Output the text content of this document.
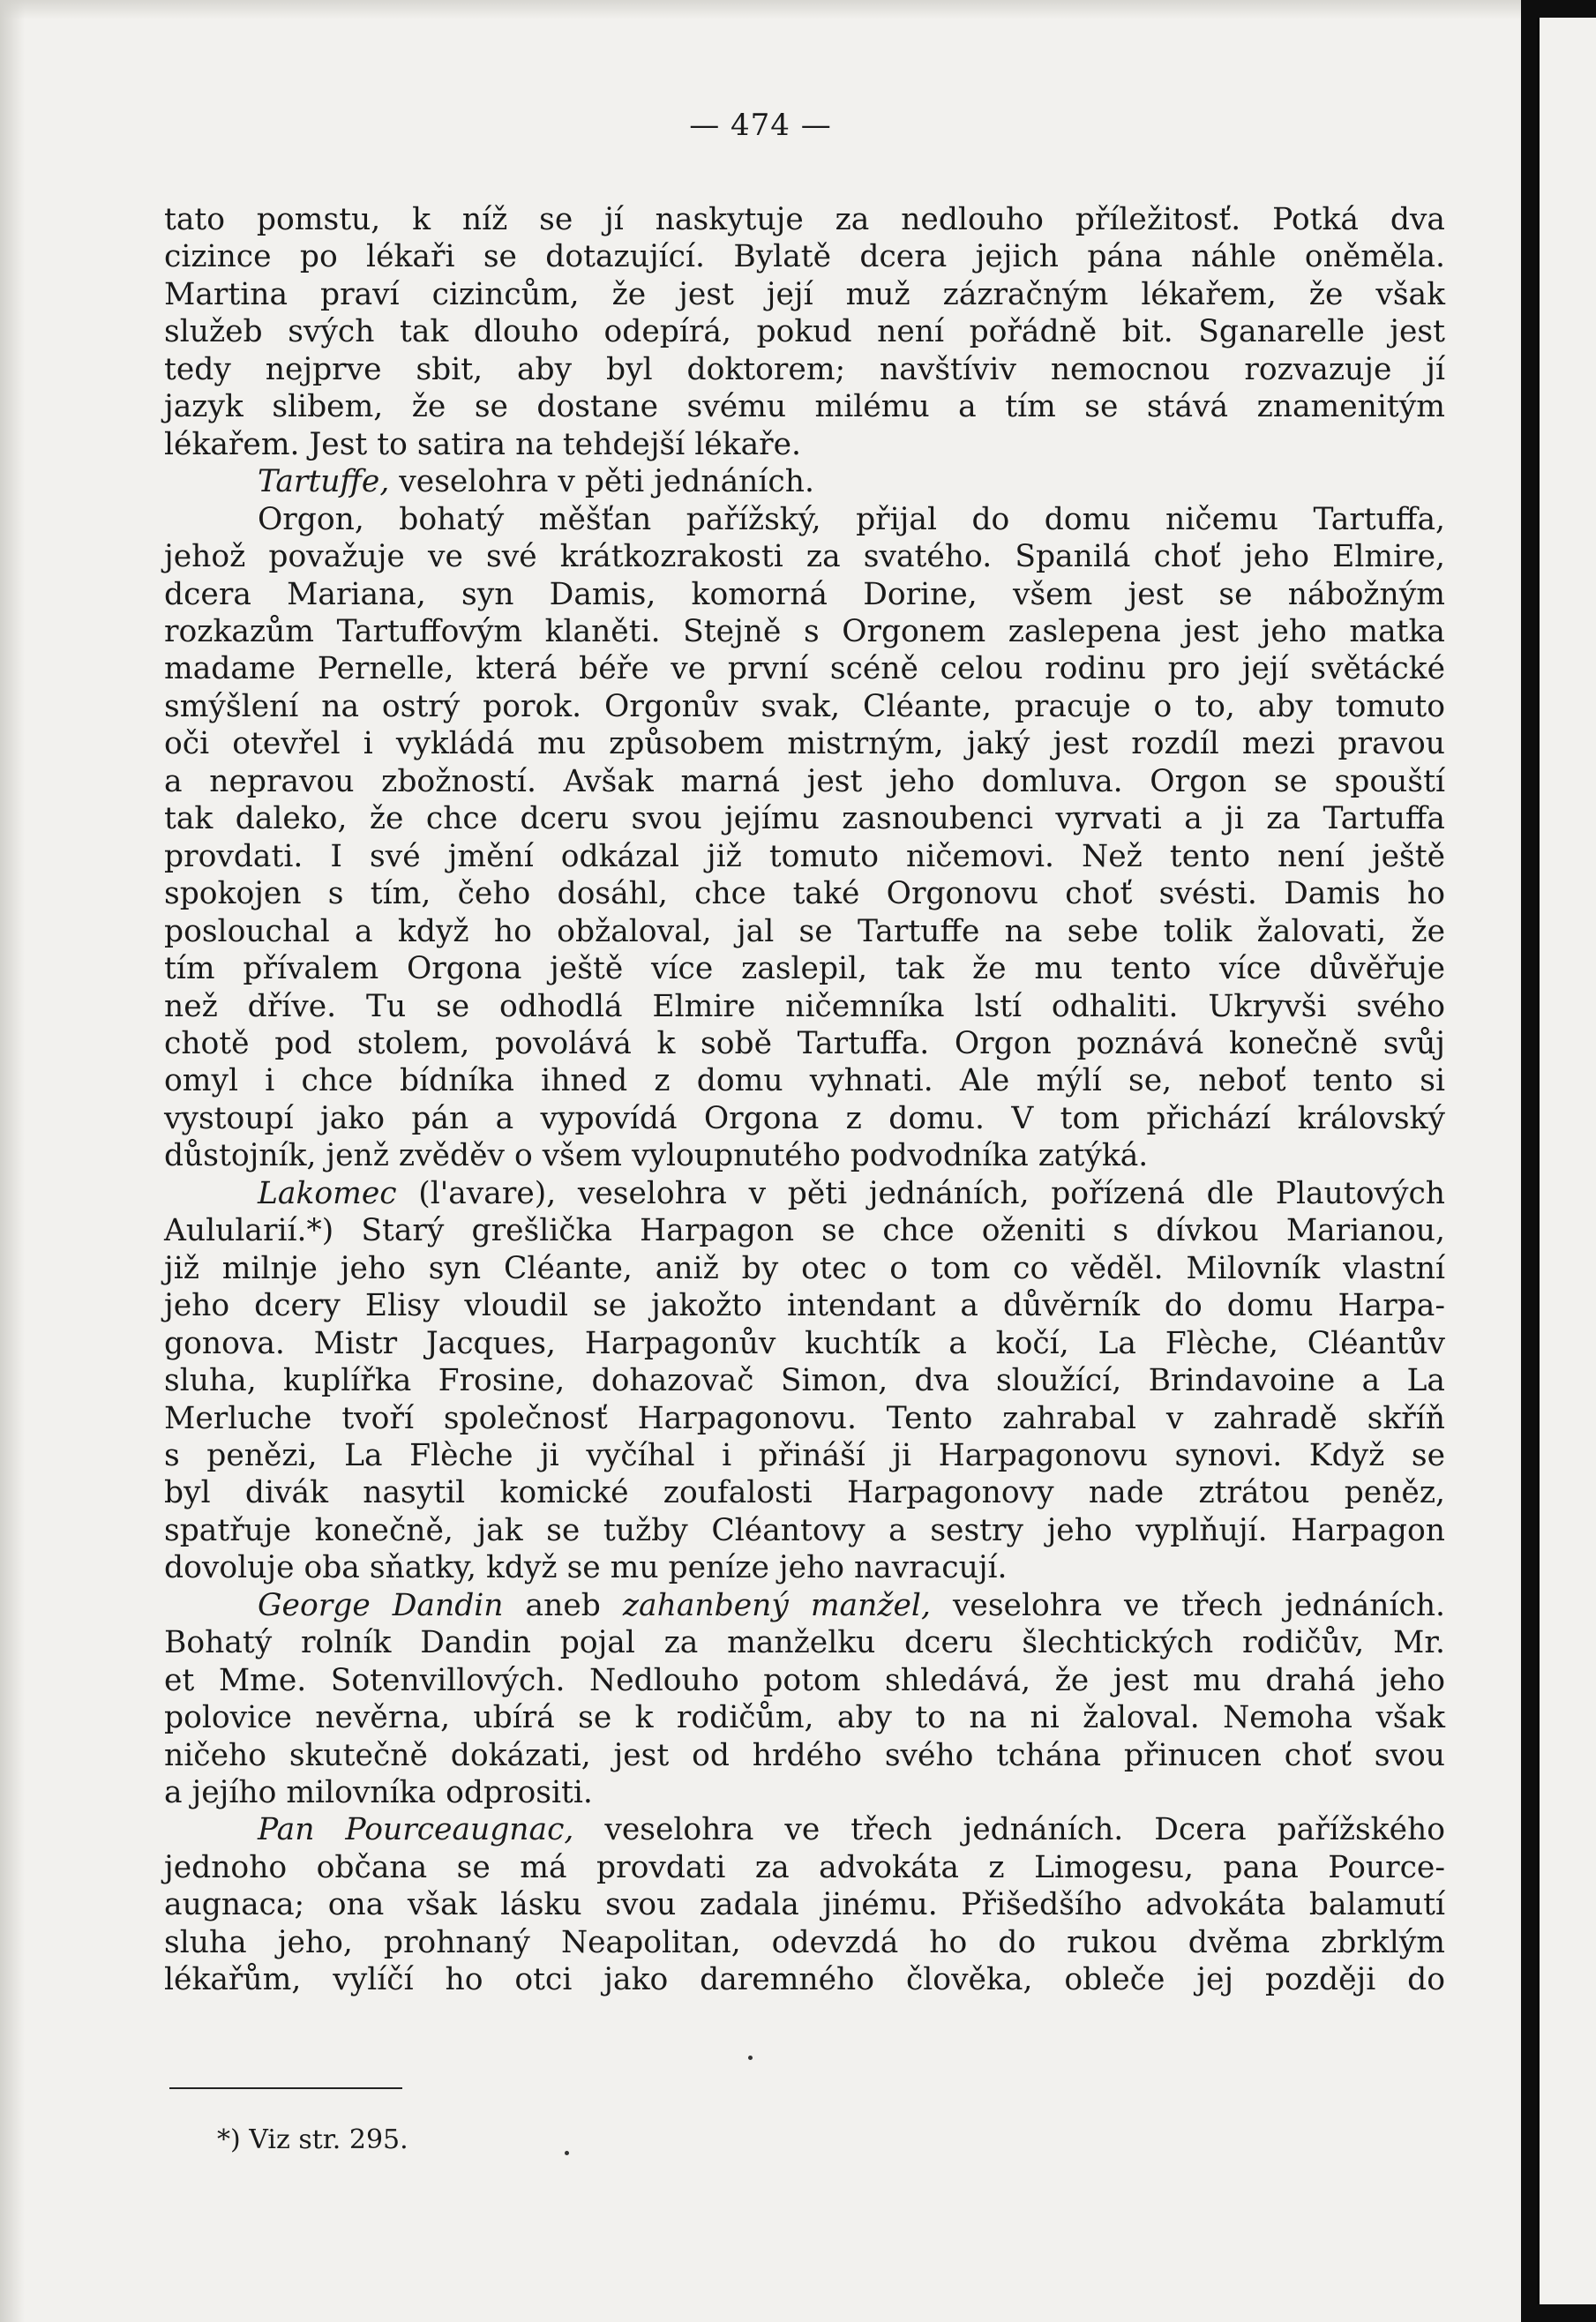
— 474 —

tato pomstu, k níž se jí naskytuje za nedlouho příležitosť. Potká dva

cizince po lékaři se dotazující. Bylatě dcera jejich pána náhle oněměla.

Martina praví cizincům, že jest její muž zázračným lékařem, že však

služeb svých tak dlouho odepírá, pokud není pořádně bit. Sganarelle jest

tedy nejprve sbit, aby byl doktorem; navštíviv nemocnou rozvazuje jí

jazyk slibem, že se dostane svému milému a tím se stává znamenitým

lékařem. Jest to satira na tehdejší lékaře.

Tartuffe, veselohra v pěti jednáních.

Orgon, bohatý měšťan pařížský, přijal do domu ničemu Tartuffa,

jehož považuje ve své krátkozrakosti za svatého. Spanilá choť jeho Elmire,

dcera Mariana, syn Damis, komorná Dorine, všem jest se nábožným

rozkazům Tartuffovým klaněti. Stejně s Orgonem zaslepena jest jeho matka

madame Pernelle, která béře ve první scéně celou rodinu pro její světácké

smýšlení na ostrý porok. Orgonův svak, Cléante, pracuje o to, aby tomuto

oči otevřel i vykládá mu způsobem mistrným, jaký jest rozdíl mezi pravou

a nepravou zbožností. Avšak marná jest jeho domluva. Orgon se spouští

tak daleko, že chce dceru svou jejímu zasnoubenci vyrvati a ji za Tartuffa

provdati. I své jmění odkázal již tomuto ničemovi. Než tento není ještě

spokojen s tím, čeho dosáhl, chce také Orgonovu choť svésti. Damis ho

poslouchal a když ho obžaloval, jal se Tartuffe na sebe tolik žalovati, že

tím přívalem Orgona ještě více zaslepil, tak že mu tento více důvěřuje

než dříve. Tu se odhodlá Elmire ničemníka lstí odhaliti. Ukryvši svého

chotě pod stolem, povolává k sobě Tartuffa. Orgon poznává konečně svůj

omyl i chce bídníka ihned z domu vyhnati. Ale mýlí se, neboť tento si

vystoupí jako pán a vypovídá Orgona z domu. V tom přichází královský

důstojník, jenž zvěděv o všem vyloupnutého podvodníka zatýká.

Lakomec (l'avare), veselohra v pěti jednáních, pořízená dle Plautových

Aulularií.*) Starý grešlička Harpagon se chce oženiti s dívkou Marianou,

již milnje jeho syn Cléante, aniž by otec o tom co věděl. Milovník vlastní

jeho dcery Elisy vloudil se jakožto intendant a důvěrník do domu Harpa-

gonova. Mistr Jacques, Harpagonův kuchtík a kočí, La Flèche, Cléantův

sluha, kuplířka Frosine, dohazovač Simon, dva sloužící, Brindavoine a La

Merluche tvoří společnosť Harpagonovu. Tento zahrabal v zahradě skříň

s penězi, La Flèche ji vyčíhal i přináší ji Harpagonovu synovi. Když se

byl divák nasytil komické zoufalosti Harpagonovy nade ztrátou peněz,

spatřuje konečně, jak se tužby Cléantovy a sestry jeho vyplňují. Harpagon

dovoluje oba sňatky, když se mu peníze jeho navracují.

George Dandin aneb zahanbený manžel, veselohra ve třech jednáních.

Bohatý rolník Dandin pojal za manželku dceru šlechtických rodičův, Mr.

et Mme. Sotenvillových. Nedlouho potom shledává, že jest mu drahá jeho

polovice nevěrna, ubírá se k rodičům, aby to na ni žaloval. Nemoha však

ničeho skutečně dokázati, jest od hrdého svého tchána přinucen choť svou

a jejího milovníka odprositi.

Pan Pourceaugnac, veselohra ve třech jednáních. Dcera pařížského

jednoho občana se má provdati za advokáta z Limogesu, pana Pource-

augnaca; ona však lásku svou zadala jinému. Přišedšího advokáta balamutí

sluha jeho, prohnaný Neapolitan, odevzdá ho do rukou dvěma zbrklým

lékařům, vylíčí ho otci jako daremného člověka, obleče jej později do

*) Viz str. 295.
